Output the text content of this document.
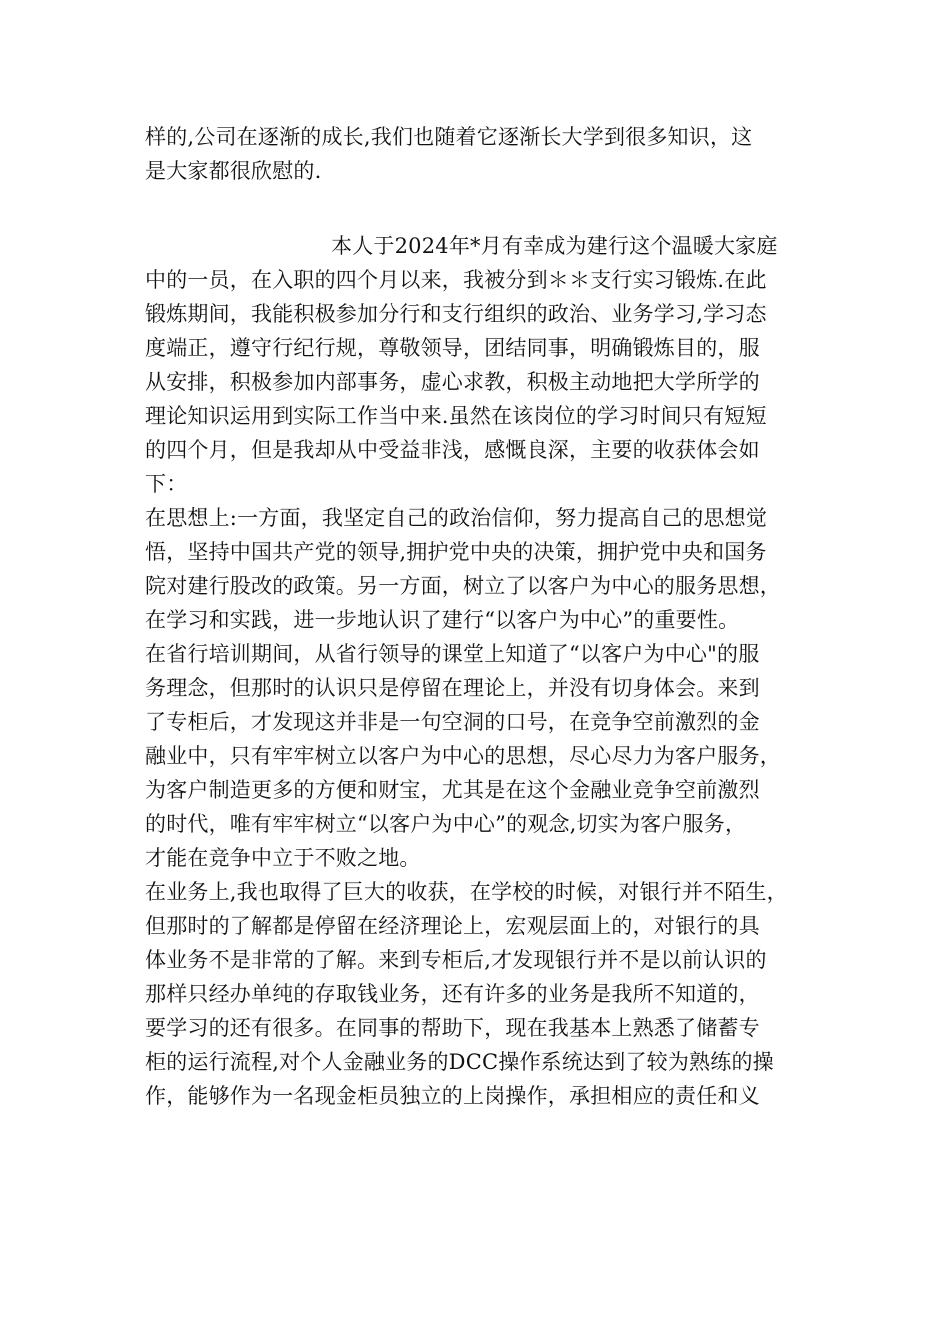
样的,公司在逐渐的成长,我们也随着它逐渐长大学到很多知识，这
是大家都很欣慰的.
本人于2024年*月有幸成为建行这个温暖大家庭
中的一员，在入职的四个月以来，我被分到＊＊支行实习锻炼.在此
锻炼期间，我能积极参加分行和支行组织的政治、业务学习,学习态
度端正，遵守行纪行规，尊敬领导，团结同事，明确锻炼目的，服
从安排，积极参加内部事务，虚心求教，积极主动地把大学所学的
理论知识运用到实际工作当中来.虽然在该岗位的学习时间只有短短
的四个月，但是我却从中受益非浅，感慨良深，主要的收获体会如
下：
在思想上:一方面，我坚定自己的政治信仰，努力提高自己的思想觉
悟，坚持中国共产党的领导,拥护党中央的决策，拥护党中央和国务
院对建行股改的政策。另一方面，树立了以客户为中心的服务思想，
在学习和实践，进一步地认识了建行“以客户为中心”的重要性。
在省行培训期间，从省行领导的课堂上知道了“以客户为中心"的服
务理念，但那时的认识只是停留在理论上，并没有切身体会。来到
了专柜后，才发现这并非是一句空洞的口号，在竞争空前激烈的金
融业中，只有牢牢树立以客户为中心的思想，尽心尽力为客户服务，
为客户制造更多的方便和财宝，尤其是在这个金融业竞争空前激烈
的时代，唯有牢牢树立“以客户为中心”的观念,切实为客户服务，
才能在竞争中立于不败之地。
在业务上,我也取得了巨大的收获，在学校的时候，对银行并不陌生，
但那时的了解都是停留在经济理论上，宏观层面上的，对银行的具
体业务不是非常的了解。来到专柜后,才发现银行并不是以前认识的
那样只经办单纯的存取钱业务，还有许多的业务是我所不知道的，
要学习的还有很多。在同事的帮助下，现在我基本上熟悉了储蓄专
柜的运行流程,对个人金融业务的DCC操作系统达到了较为熟练的操
作，能够作为一名现金柜员独立的上岗操作，承担相应的责任和义
